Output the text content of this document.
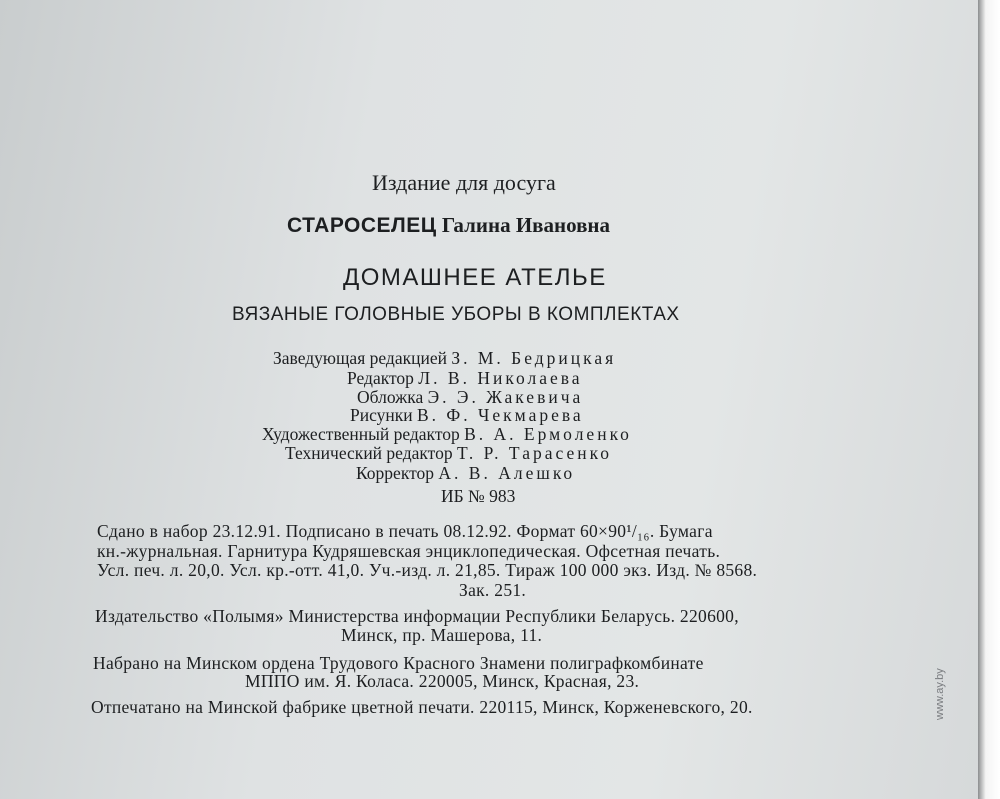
Издание для досуга

СТАРОСЕЛЕЦ Галина Ивановна

ДОМАШНЕЕ АТЕЛЬЕ

ВЯЗАНЫЕ ГОЛОВНЫЕ УБОРЫ В КОМПЛЕКТАХ

Заведующая редакцией З. М. Бедрицкая

Редактор Л. В. Николаева

Обложка Э. Э. Жакевича

Рисунки В. Ф. Чекмарева

Художественный редактор В. А. Ермоленко

Технический редактор Т. Р. Тарасенко

Корректор А. В. Алешко

ИБ № 983

Сдано в набор 23.12.91. Подписано в печать 08.12.92. Формат 60×90¹/₁₆. Бумага

кн.-журнальная. Гарнитура Кудряшевская энциклопедическая. Офсетная печать.

Усл. печ. л. 20,0. Усл. кр.-отт. 41,0. Уч.-изд. л. 21,85. Тираж 100 000 экз. Изд. № 8568.

Зак. 251.

Издательство «Полымя» Министерства информации Республики Беларусь. 220600,

Минск, пр. Машерова, 11.

Набрано на Минском ордена Трудового Красного Знамени полиграфкомбинате

МППО им. Я. Коласа. 220005, Минск, Красная, 23.

Отпечатано на Минской фабрике цветной печати. 220115, Минск, Корженевского, 20.	www.ay.by
